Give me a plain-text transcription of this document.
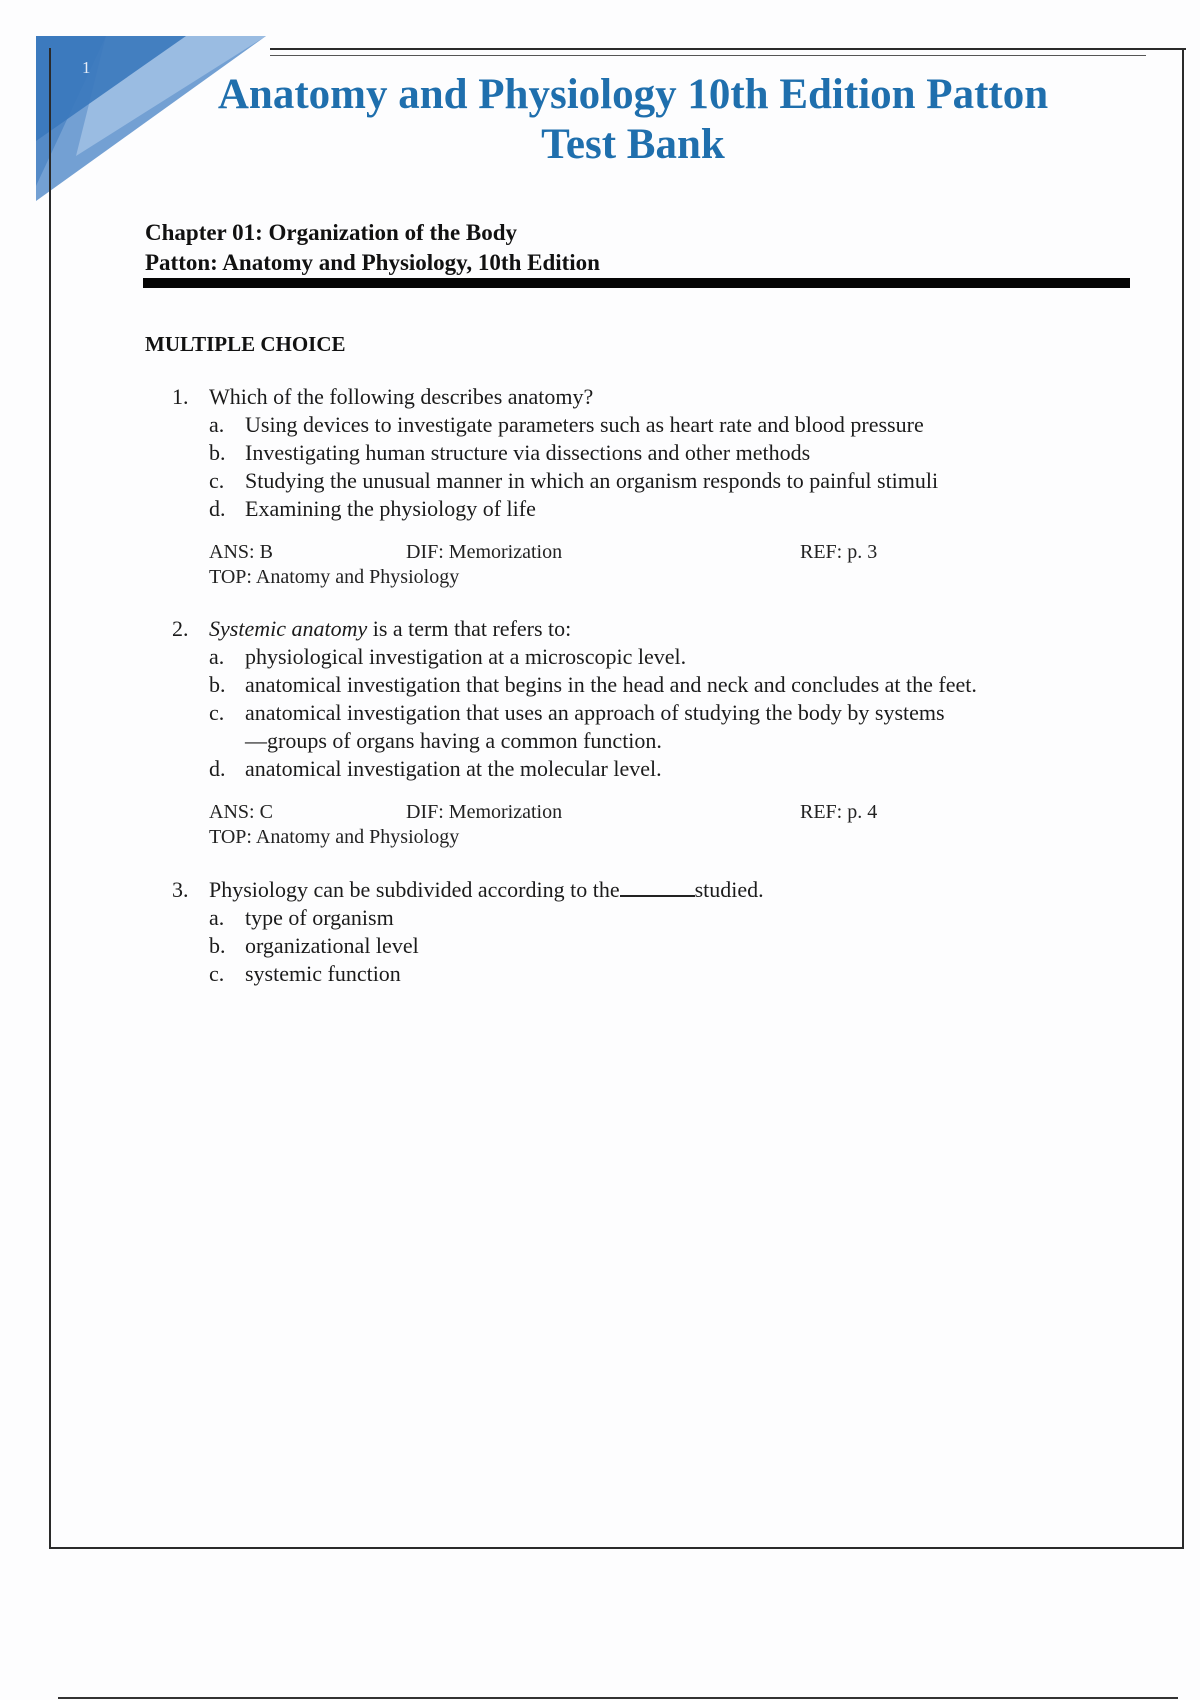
1
Anatomy and Physiology 10th Edition Patton
Test Bank
Chapter 01: Organization of the Body
Patton: Anatomy and Physiology, 10th Edition
MULTIPLE CHOICE
1. Which of the following describes anatomy?
a. Using devices to investigate parameters such as heart rate and blood pressure
b. Investigating human structure via dissections and other methods
c. Studying the unusual manner in which an organism responds to painful stimuli
d. Examining the physiology of life
ANS: B	DIF: Memorization	REF: p. 3
TOP: Anatomy and Physiology
2. Systemic anatomy is a term that refers to:
a. physiological investigation at a microscopic level.
b. anatomical investigation that begins in the head and neck and concludes at the feet.
c. anatomical investigation that uses an approach of studying the body by systems—groups of organs having a common function.
d. anatomical investigation at the molecular level.
ANS: C	DIF: Memorization	REF: p. 4
TOP: Anatomy and Physiology
3. Physiology can be subdivided according to the	studied.
a. type of organism
b. organizational level
c. systemic function
